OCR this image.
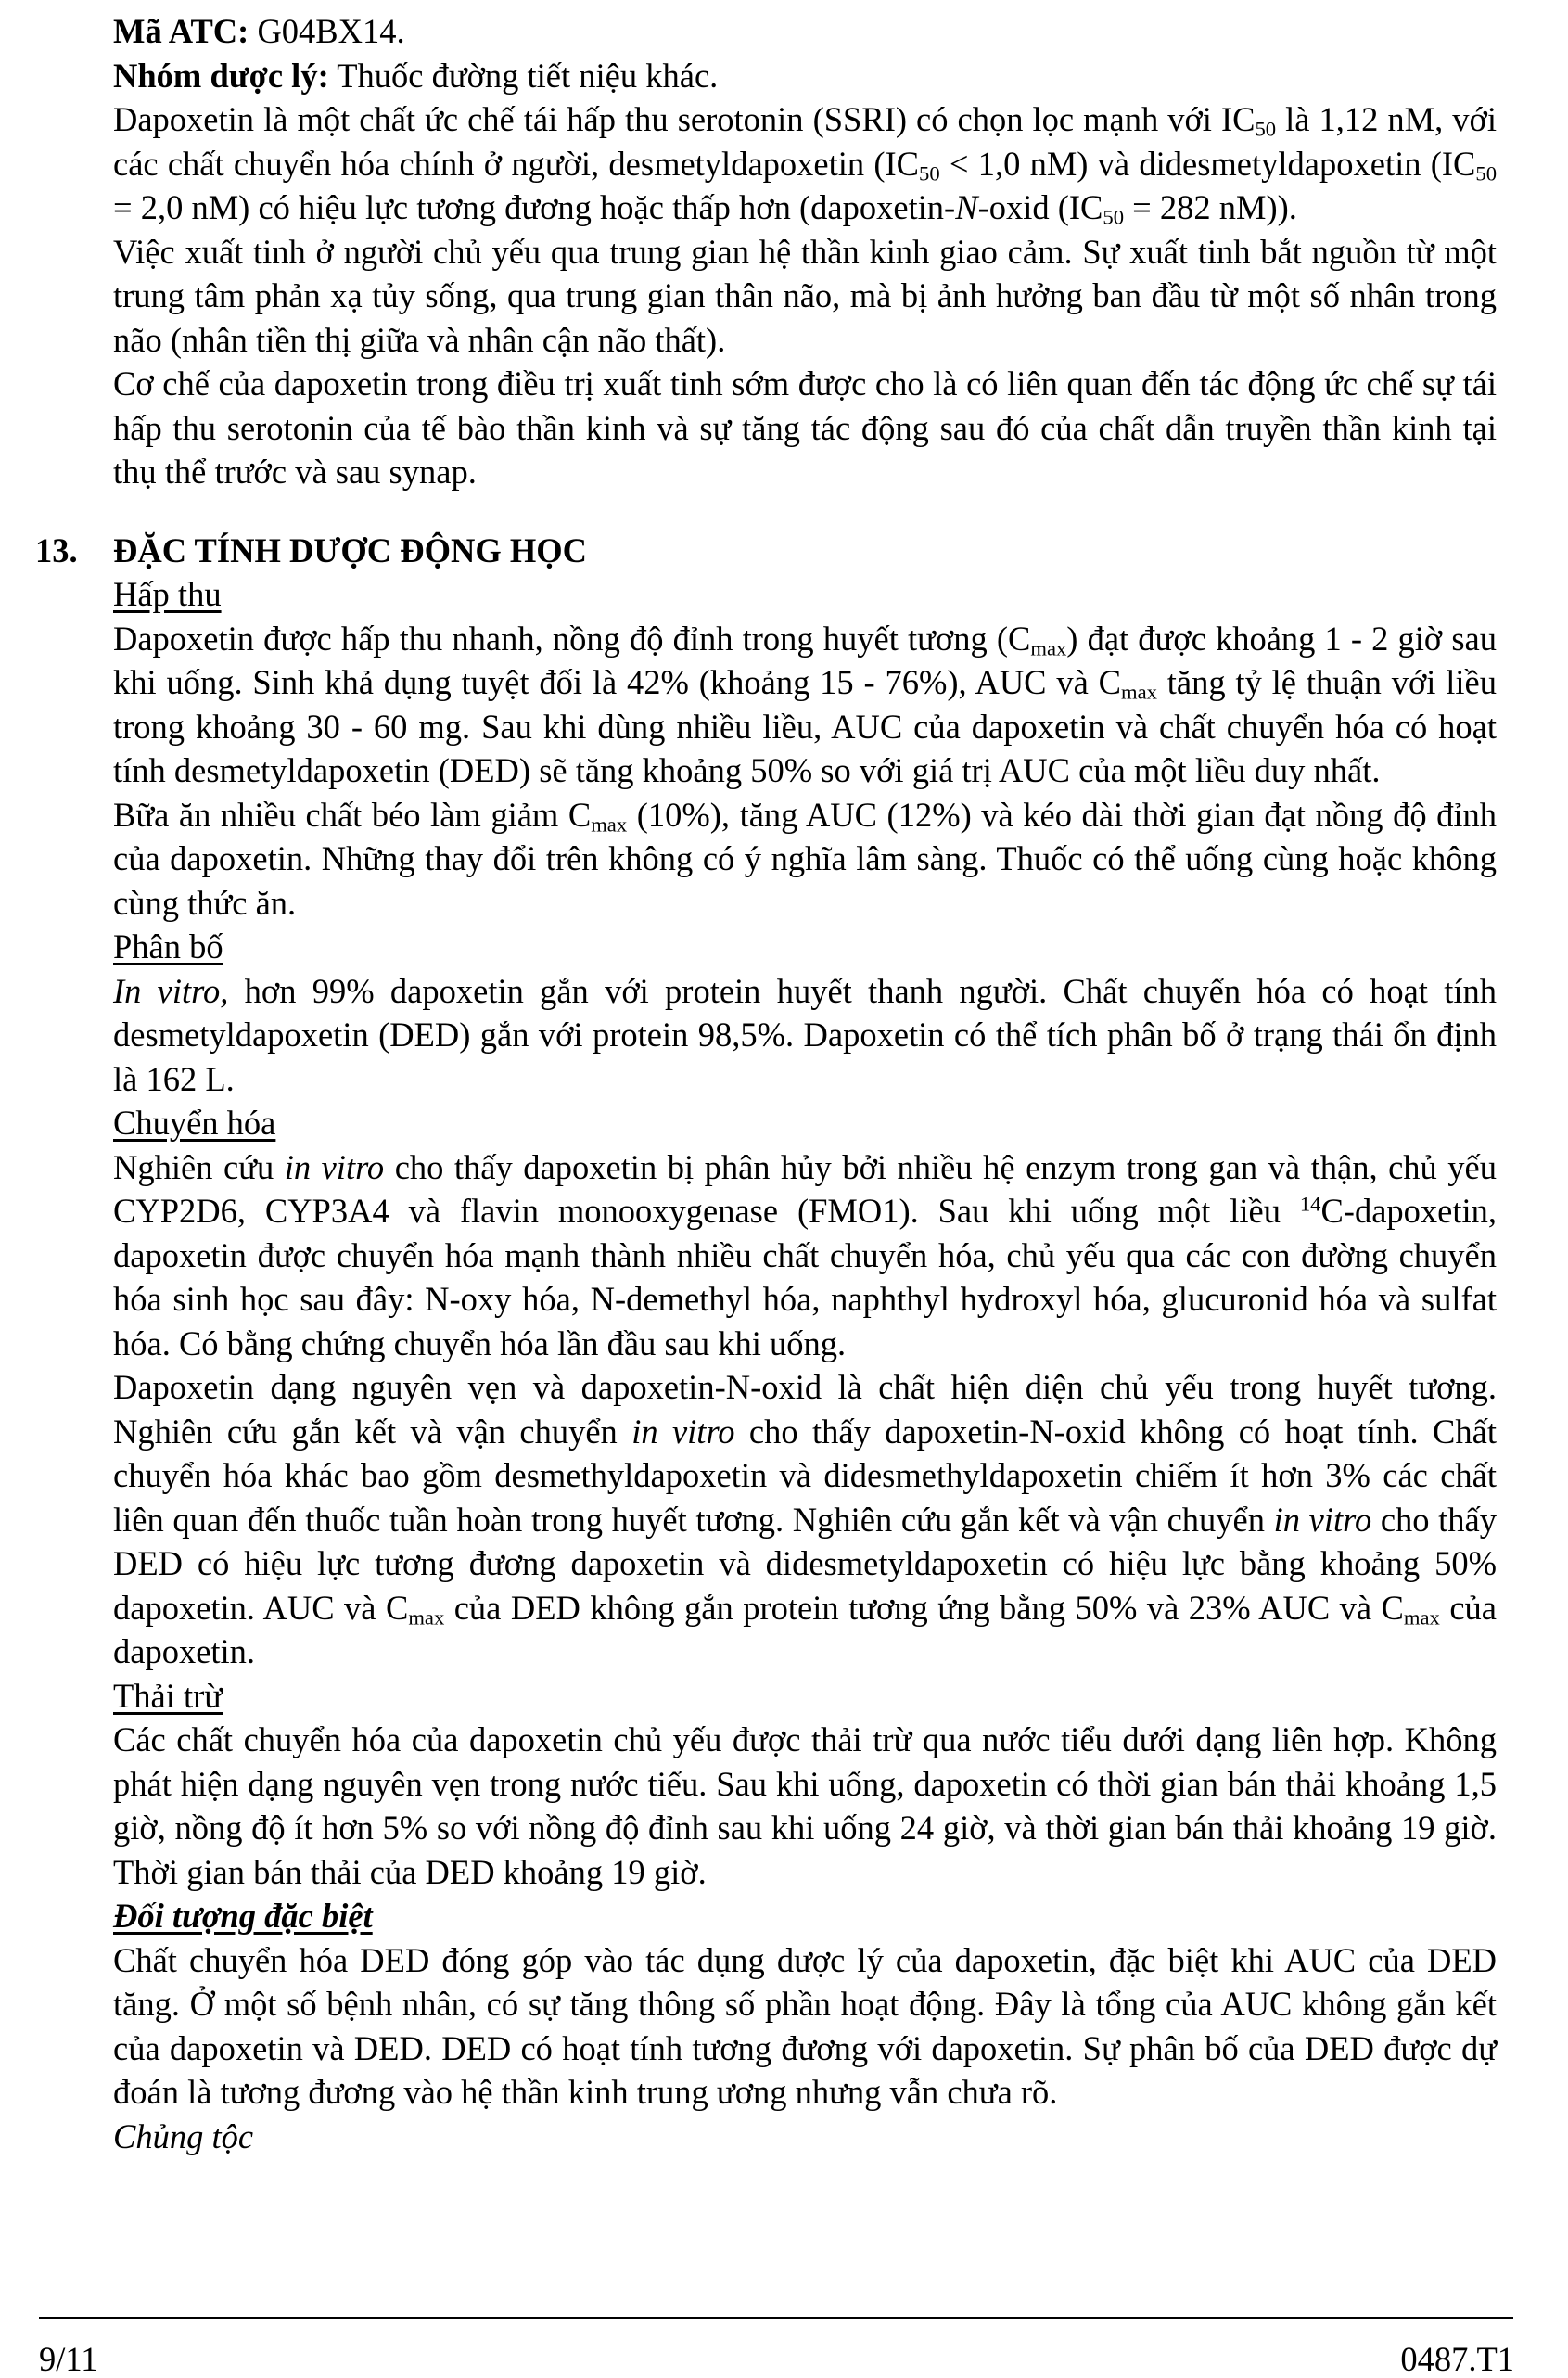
Mã ATC: G04BX14.

Nhóm dược lý: Thuốc đường tiết niệu khác.

Dapoxetin là một chất ức chế tái hấp thu serotonin (SSRI) có chọn lọc mạnh với $IC_{50}$ là 1,12 nM, với các chất chuyển hóa chính ở người, desmetyldapoxetin ($IC_{50} < 1,0$ nM) và didesmetyldapoxetin ($IC_{50} = 2,0$ nM) có hiệu lực tương đương hoặc thấp hơn (dapoxetin-N-oxid ($IC_{50} = 282$ nM)).

Việc xuất tinh ở người chủ yếu qua trung gian hệ thần kinh giao cảm. Sự xuất tinh bắt nguồn từ một trung tâm phản xạ tủy sống, qua trung gian thân não, mà bị ảnh hưởng ban đầu từ một số nhân trong não (nhân tiền thị giữa và nhân cận não thất).

Cơ chế của dapoxetin trong điều trị xuất tinh sớm được cho là có liên quan đến tác động ức chế sự tái hấp thu serotonin của tế bào thần kinh và sự tăng tác động sau đó của chất dẫn truyền thần kinh tại thụ thể trước và sau synap.

13. ĐẶC TÍNH DƯỢC ĐỘNG HỌC

Hấp thu

Dapoxetin được hấp thu nhanh, nồng độ đỉnh trong huyết tương $(C_{max})$ đạt được khoảng 1 - 2 giờ sau khi uống. Sinh khả dụng tuyệt đối là 42% (khoảng 15 - 76%), AUC và $C_{max}$ tăng tỷ lệ thuận với liều trong khoảng 30 - 60 mg. Sau khi dùng nhiều liều, AUC của dapoxetin và chất chuyển hóa có hoạt tính desmetyldapoxetin (DED) sẽ tăng khoảng 50% so với giá trị AUC của một liều duy nhất.

Bữa ăn nhiều chất béo làm giảm $C_{max}$ (10%), tăng AUC (12%) và kéo dài thời gian đạt nồng độ đỉnh của dapoxetin. Những thay đổi trên không có ý nghĩa lâm sàng. Thuốc có thể uống cùng hoặc không cùng thức ăn.

Phân bố

In vitro, hơn 99% dapoxetin gắn với protein huyết thanh người. Chất chuyển hóa có hoạt tính desmetyldapoxetin (DED) gắn với protein 98,5%. Dapoxetin có thể tích phân bố ở trạng thái ổn định là 162 L.

Chuyển hóa

Nghiên cứu in vitro cho thấy dapoxetin bị phân hủy bởi nhiều hệ enzym trong gan và thận, chủ yếu CYP2D6, CYP3A4 và flavin monooxygenase (FMO1). Sau khi uống một liều $^{14}$C-dapoxetin, dapoxetin được chuyển hóa mạnh thành nhiều chất chuyển hóa, chủ yếu qua các con đường chuyển hóa sinh học sau đây: N-oxy hóa, N-demethyl hóa, naphthyl hydroxyl hóa, glucuronid hóa và sulfat hóa. Có bằng chứng chuyển hóa lần đầu sau khi uống.

Dapoxetin dạng nguyên vẹn và dapoxetin-N-oxid là chất hiện diện chủ yếu trong huyết tương. Nghiên cứu gắn kết và vận chuyển in vitro cho thấy dapoxetin-N-oxid không có hoạt tính. Chất chuyển hóa khác bao gồm desmethyldapoxetin và didesmethyldapoxetin chiếm ít hơn 3% các chất liên quan đến thuốc tuần hoàn trong huyết tương. Nghiên cứu gắn kết và vận chuyển in vitro cho thấy DED có hiệu lực tương đương dapoxetin và didesmetyldapoxetin có hiệu lực bằng khoảng 50% dapoxetin. AUC và $C_{max}$ của DED không gắn protein tương ứng bằng 50% và 23% AUC và $C_{max}$ của dapoxetin.

Thải trừ

Các chất chuyển hóa của dapoxetin chủ yếu được thải trừ qua nước tiểu dưới dạng liên hợp. Không phát hiện dạng nguyên vẹn trong nước tiểu. Sau khi uống, dapoxetin có thời gian bán thải khoảng 1,5 giờ, nồng độ ít hơn 5% so với nồng độ đỉnh sau khi uống 24 giờ, và thời gian bán thải khoảng 19 giờ. Thời gian bán thải của DED khoảng 19 giờ.

Đối tượng đặc biệt

Chất chuyển hóa DED đóng góp vào tác dụng dược lý của dapoxetin, đặc biệt khi AUC của DED tăng. Ở một số bệnh nhân, có sự tăng thông số phần hoạt động. Đây là tổng của AUC không gắn kết của dapoxetin và DED. DED có hoạt tính tương đương với dapoxetin. Sự phân bố của DED được dự đoán là tương đương vào hệ thần kinh trung ương nhưng vẫn chưa rõ.

Chủng tộc

9/11	0487.T1
